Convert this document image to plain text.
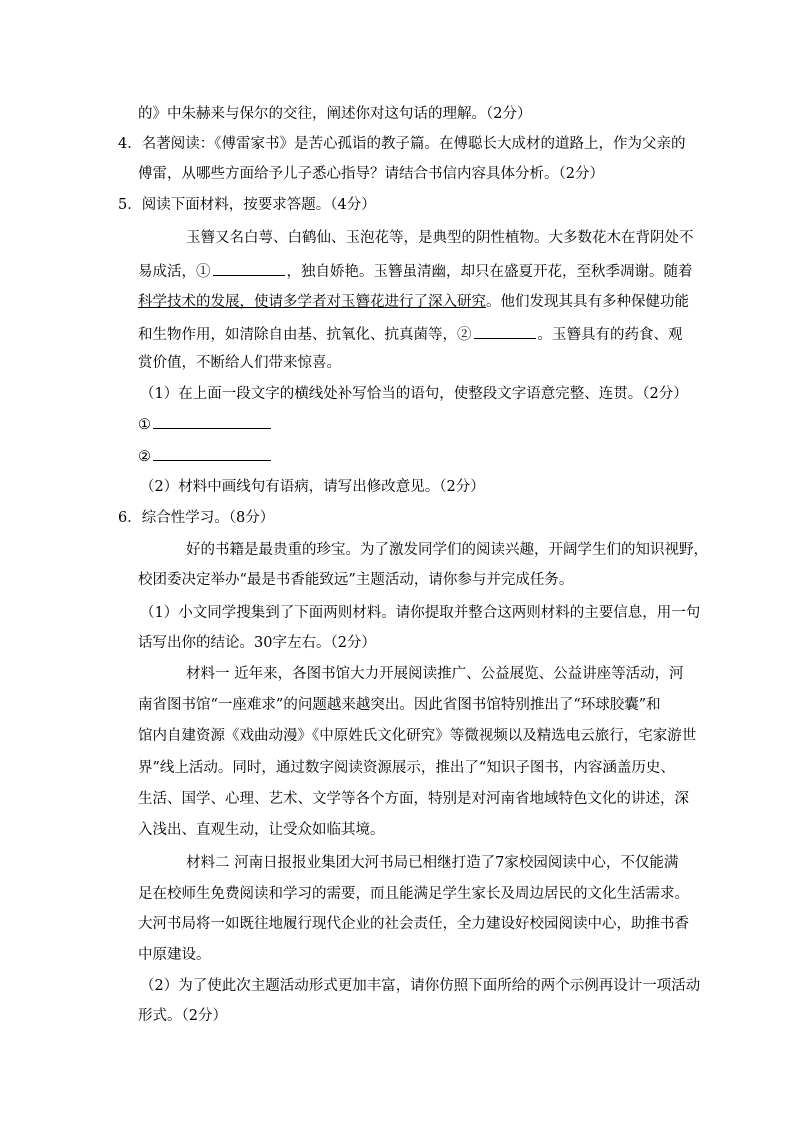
的》中朱赫来与保尔的交往，阐述你对这句话的理解。（2分）
4．名著阅读：《傅雷家书》是苦心孤诣的教子篇。在傅聪长大成材的道路上，作为父亲的
傅雷，从哪些方面给予儿子悉心指导？请结合书信内容具体分析。（2分）
5．阅读下面材料，按要求答题。（4分）
玉簪又名白萼、白鹤仙、玉泡花等，是典型的阴性植物。大多数花木在背阴处不
易成活，①	，独自娇艳。玉簪虽清幽，却只在盛夏开花，至秋季凋谢。随着
科学技术的发展，使请多学者对玉簪花进行了深入研究。他们发现其具有多种保健功能
和生物作用，如清除自由基、抗氧化、抗真菌等，②	。玉簪具有的药食、观
赏价值，不断给人们带来惊喜。
（1）在上面一段文字的横线处补写恰当的语句，使整段文字语意完整、连贯。（2分）
①
②
（2）材料中画线句有语病，请写出修改意见。（2分）
6．综合性学习。（8分）
好的书籍是最贵重的珍宝。为了激发同学们的阅读兴趣，开阔学生们的知识视野，
校团委决定举办“最是书香能致远”主题活动，请你参与并完成任务。
（1）小文同学搜集到了下面两则材料。请你提取并整合这两则材料的主要信息，用一句
话写出你的结论。30字左右。（2分）
材料一 近年来，各图书馆大力开展阅读推广、公益展览、公益讲座等活动，河
南省图书馆“一座难求”的问题越来越突出。因此省图书馆特别推出了“环球胶囊”和
馆内自建资源《戏曲动漫》《中原姓氏文化研究》等微视频以及精选电云旅行，宅家游世
界”线上活动。同时，通过数字阅读资源展示，推出了“知识子图书，内容涵盖历史、
生活、国学、心理、艺术、文学等各个方面，特别是对河南省地域特色文化的讲述，深
入浅出、直观生动，让受众如临其境。
材料二 河南日报报业集团大河书局已相继打造了7家校园阅读中心，不仅能满
足在校师生免费阅读和学习的需要，而且能满足学生家长及周边居民的文化生活需求。
大河书局将一如既往地履行现代企业的社会责任，全力建设好校园阅读中心，助推书香
中原建设。
（2）为了使此次主题活动形式更加丰富，请你仿照下面所给的两个示例再设计一项活动
形式。（2分）
